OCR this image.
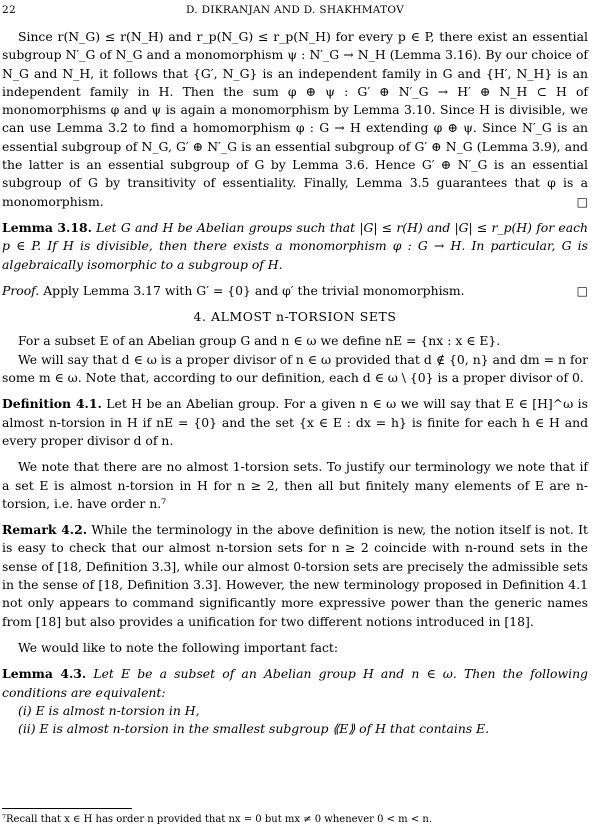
22	D. DIKRANJAN AND D. SHAKHMATOV

Since r(N_G) ≤ r(N_H) and r_p(N_G) ≤ r_p(N_H) for every p ∈ P, there exist an essential subgroup N′_G of N_G and a monomorphism ψ : N′_G → N_H (Lemma 3.16). By our choice of N_G and N_H, it follows that {G′, N_G} is an independent family in G and {H′, N_H} is an independent family in H. Then the sum φ ⊕ ψ : G′ ⊕ N′_G → H′ ⊕ N_H ⊂ H of monomorphisms φ and ψ is again a monomorphism by Lemma 3.10. Since H is divisible, we can use Lemma 3.2 to find a homomorphism φ : G → H extending φ ⊕ ψ. Since N′_G is an essential subgroup of N_G, G′ ⊕ N′_G is an essential subgroup of G′ ⊕ N_G (Lemma 3.9), and the latter is an essential subgroup of G by Lemma 3.6. Hence G′ ⊕ N′_G is an essential subgroup of G by transitivity of essentiality. Finally, Lemma 3.5 guarantees that φ is a monomorphism.	□

Lemma 3.18. Let G and H be Abelian groups such that |G| ≤ r(H) and |G| ≤ r_p(H) for each p ∈ P. If H is divisible, then there exists a monomorphism φ : G → H. In particular, G is algebraically isomorphic to a subgroup of H.

Proof. Apply Lemma 3.17 with G′ = {0} and φ′ the trivial monomorphism.	□

4. ALMOST n-TORSION SETS

For a subset E of an Abelian group G and n ∈ ω we define nE = {nx : x ∈ E}.

We will say that d ∈ ω is a proper divisor of n ∈ ω provided that d ∉ {0, n} and dm = n for some m ∈ ω. Note that, according to our definition, each d ∈ ω \ {0} is a proper divisor of 0.

Definition 4.1. Let H be an Abelian group. For a given n ∈ ω we will say that E ∈ [H]^ω is almost n-torsion in H if nE = {0} and the set {x ∈ E : dx = h} is finite for each h ∈ H and every proper divisor d of n.

We note that there are no almost 1-torsion sets. To justify our terminology we note that if a set E is almost n-torsion in H for n ≥ 2, then all but finitely many elements of E are n-torsion, i.e. have order n.⁷

Remark 4.2. While the terminology in the above definition is new, the notion itself is not. It is easy to check that our almost n-torsion sets for n ≥ 2 coincide with n-round sets in the sense of [18, Definition 3.3], while our almost 0-torsion sets are precisely the admissible sets in the sense of [18, Definition 3.3]. However, the new terminology proposed in Definition 4.1 not only appears to command significantly more expressive power than the generic names from [18] but also provides a unification for two different notions introduced in [18].

We would like to note the following important fact:

Lemma 4.3. Let E be a subset of an Abelian group H and n ∈ ω. Then the following conditions are equivalent:

(i) E is almost n-torsion in H,

(ii) E is almost n-torsion in the smallest subgroup ⟪E⟫ of H that contains E.

⁷Recall that x ∈ H has order n provided that nx = 0 but mx ≠ 0 whenever 0 < m < n.
